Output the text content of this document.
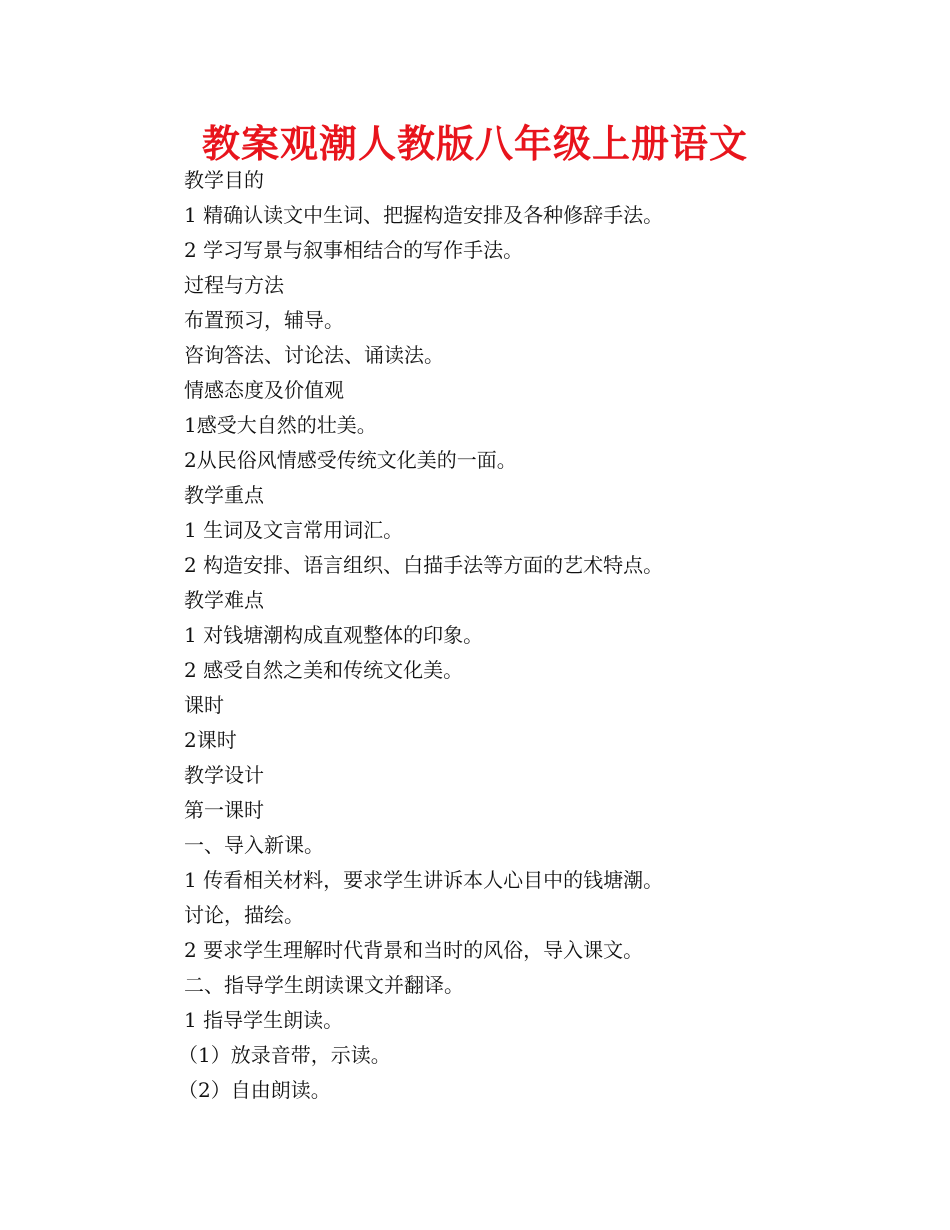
教案观潮人教版八年级上册语文
教学目的
1 精确认读文中生词、把握构造安排及各种修辞手法。
2 学习写景与叙事相结合的写作手法。
过程与方法
布置预习，辅导。
咨询答法、讨论法、诵读法。
情感态度及价值观
1感受大自然的壮美。
2从民俗风情感受传统文化美的一面。
教学重点
1 生词及文言常用词汇。
2 构造安排、语言组织、白描手法等方面的艺术特点。
教学难点
1 对钱塘潮构成直观整体的印象。
2 感受自然之美和传统文化美。
课时
2课时
教学设计
第一课时
一、导入新课。
1 传看相关材料，要求学生讲诉本人心目中的钱塘潮。
讨论，描绘。
2 要求学生理解时代背景和当时的风俗，导入课文。
二、指导学生朗读课文并翻译。
1 指导学生朗读。
（1）放录音带，示读。
（2）自由朗读。
